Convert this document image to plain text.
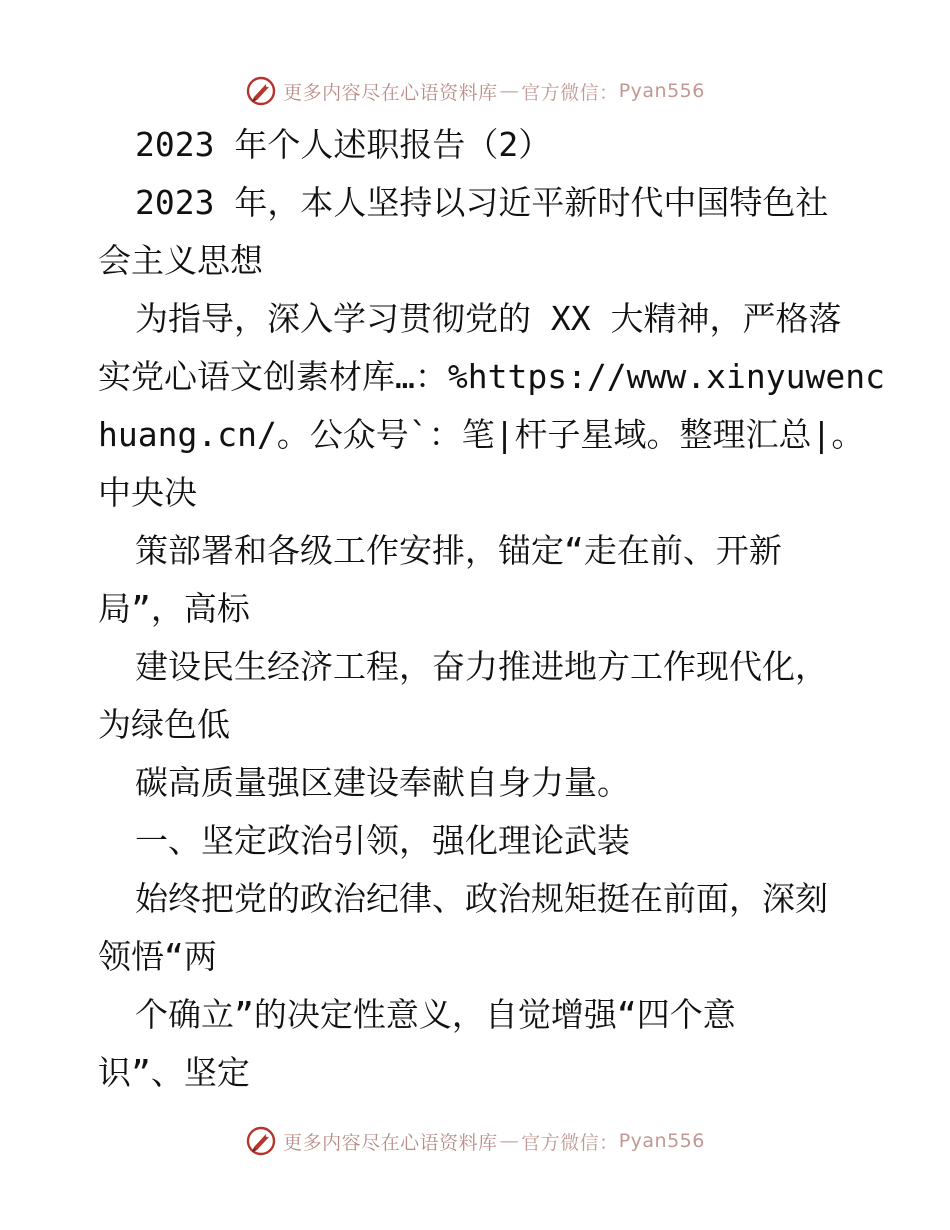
更多内容尽在心语资料库 — 官方微信： Pyan556
2023 年个人述职报告（2）
2023 年，本人坚持以习近平新时代中国特色社
会主义思想
为指导，深入学习贯彻党的 XX 大精神，严格落
实党心语文创素材库…：%https://www.xinyuwenc
huang.cn/。公众号`：笔|杆子星域。整理汇总|。
中央决
策部署和各级工作安排，锚定“走在前、开新
局”，高标
建设民生经济工程，奋力推进地方工作现代化，
为绿色低
碳高质量强区建设奉献自身力量。
一、坚定政治引领，强化理论武装
始终把党的政治纪律、政治规矩挺在前面，深刻
领悟“两
个确立”的决定性意义，自觉增强“四个意
识”、坚定
更多内容尽在心语资料库 — 官方微信： Pyan556
